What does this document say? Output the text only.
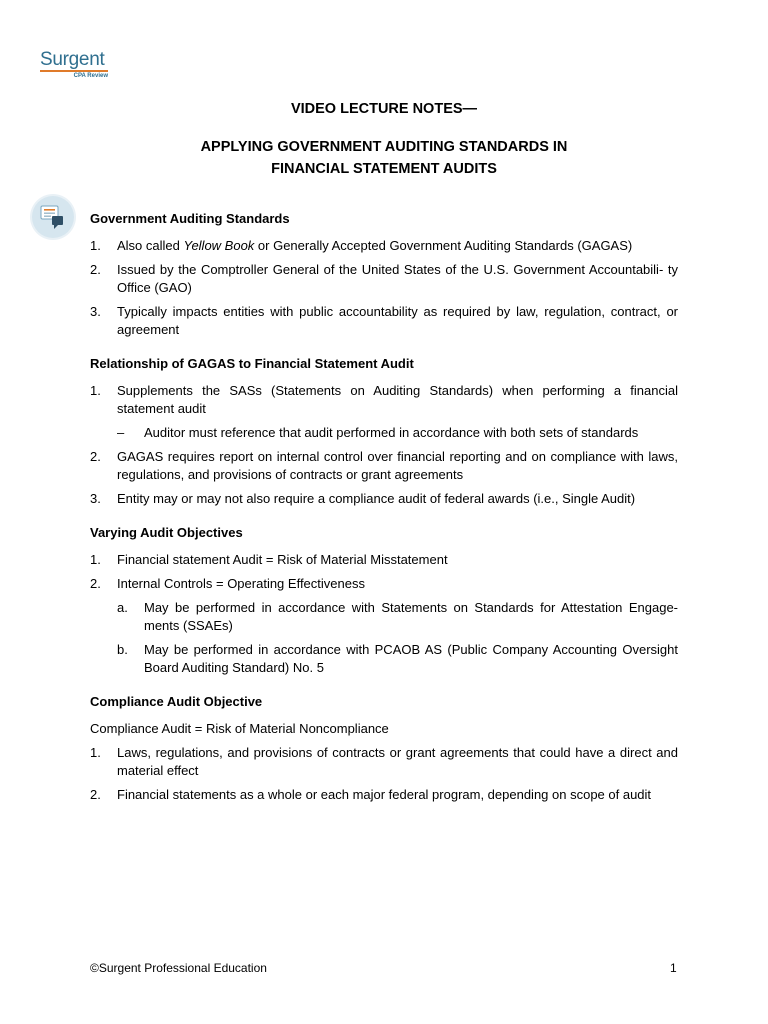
Surgent
CPA Review
VIDEO LECTURE NOTES—
APPLYING GOVERNMENT AUDITING STANDARDS IN
FINANCIAL STATEMENT AUDITS
Government Auditing Standards
1. Also called Yellow Book or Generally Accepted Government Auditing Standards (GAGAS)
2. Issued by the Comptroller General of the United States of the U.S. Government Accountabili- ty Office (GAO)
3. Typically impacts entities with public accountability as required by law, regulation, contract, or agreement
Relationship of GAGAS to Financial Statement Audit
1. Supplements the SASs (Statements on Auditing Standards) when performing a financial statement audit
– Auditor must reference that audit performed in accordance with both sets of standards
2. GAGAS requires report on internal control over financial reporting and on compliance with laws, regulations, and provisions of contracts or grant agreements
3. Entity may or may not also require a compliance audit of federal awards (i.e., Single Audit)
Varying Audit Objectives
1. Financial statement Audit = Risk of Material Misstatement
2. Internal Controls = Operating Effectiveness
a. May be performed in accordance with Statements on Standards for Attestation Engage- ments (SSAEs)
b. May be performed in accordance with PCAOB AS (Public Company Accounting Oversight Board Auditing Standard) No. 5
Compliance Audit Objective
Compliance Audit = Risk of Material Noncompliance
1. Laws, regulations, and provisions of contracts or grant agreements that could have a direct and material effect
2. Financial statements as a whole or each major federal program, depending on scope of audit
©Surgent Professional Education	1
